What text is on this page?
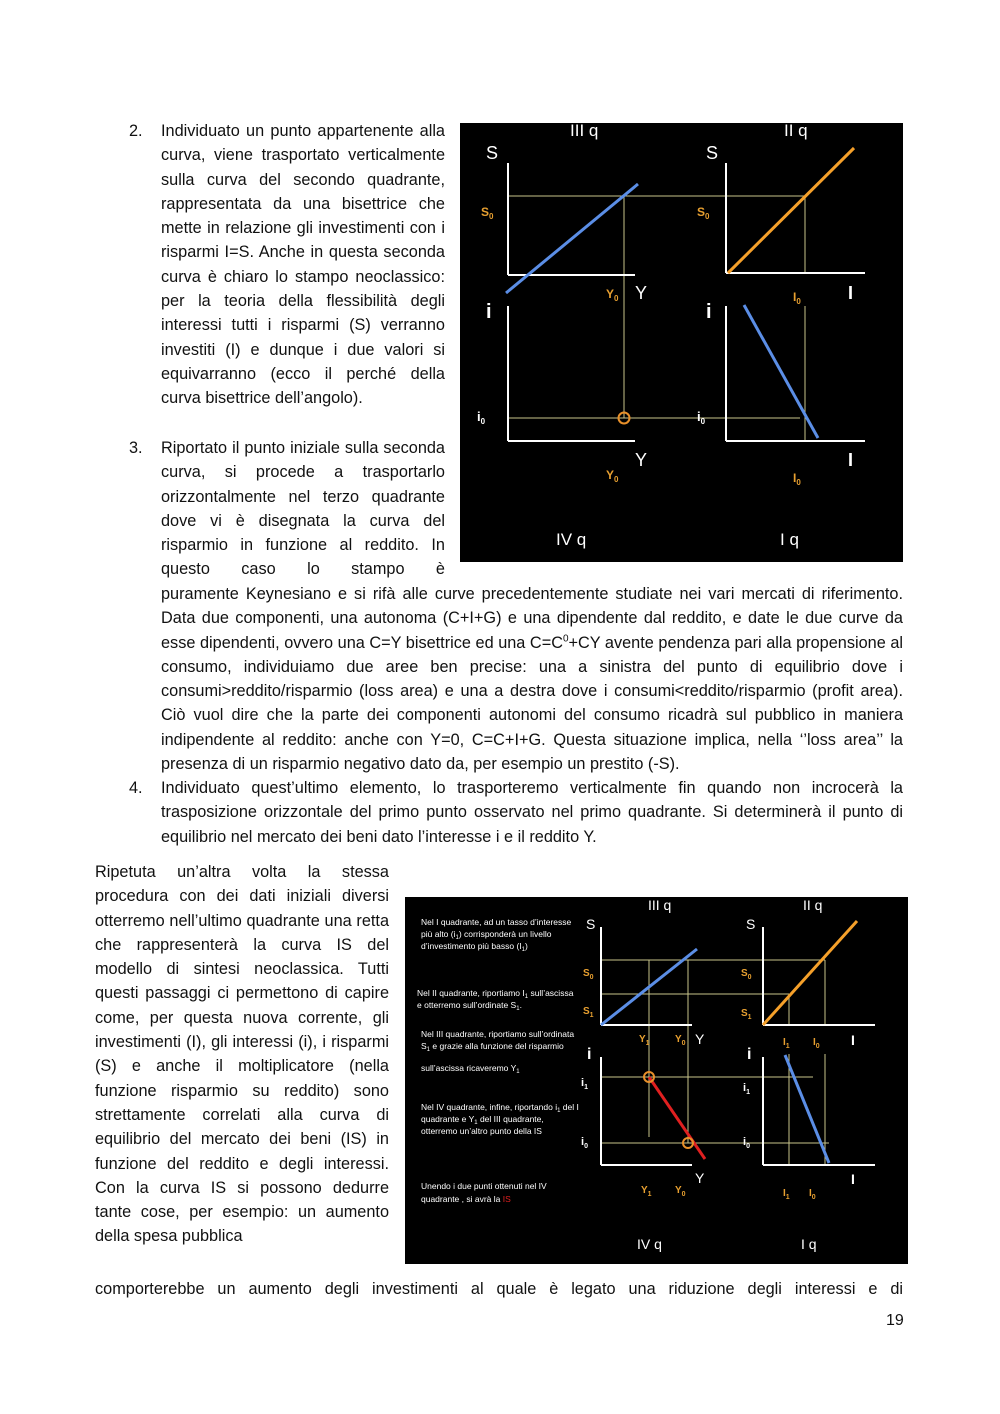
2. Individuato un punto appartenente alla curva, viene trasportato verticalmente sulla curva del secondo quadrante, rappresentata da una bisettrice che mette in relazione gli investimenti con i risparmi I=S. Anche in questa seconda curva è chiaro lo stampo neoclassico: per la teoria della flessibilità degli interessi tutti i risparmi (S) verranno investiti (I) e dunque i due valori si equivarranno (ecco il perché della curva bisettrice dell’angolo).
3. Riportato il punto iniziale sulla seconda curva, si procede a trasportarlo orizzontalmente nel terzo quadrante dove vi è disegnata la curva del risparmio in funzione al reddito. In questo caso lo stampo è
puramente Keynesiano e si rifà alle curve precedentemente studiate nei vari mercati di riferimento. Data due componenti, una autonoma (C+I+G) e una dipendente dal reddito, e date le due curve da esse dipendenti, ovvero una C=Y bisettrice ed una $C=C^0+CY$ avente pendenza pari alla propensione al consumo, individuiamo due aree ben precise: una a sinistra del punto di equilibrio dove i consumi>reddito/risparmio (loss area) e una a destra dove i consumi<reddito/risparmio (profit area). Ciò vuol dire che la parte dei componenti autonomi del consumo ricadrà sul pubblico in maniera indipendente al reddito: anche con Y=0, C=C+I+G. Questa situazione implica, nella ‘’loss area’’ la presenza di un risparmio negativo dato da, per esempio un prestito (-S).
4. Individuato quest’ultimo elemento, lo trasporteremo verticalmente fin quando non incrocerà la trasposizione orizzontale del primo punto osservato nel primo quadrante. Si determinerà il punto di equilibrio nel mercato dei beni dato l’interesse i e il reddito Y.
Ripetuta un’altra volta la stessa procedura con dei dati iniziali diversi otterremo nell’ultimo quadrante una retta che rappresenterà la curva IS del modello di sintesi neoclassica. Tutti questi passaggi ci permettono di capire come, per questa nuova corrente, gli investimenti (I), gli interessi (i), i risparmi (S) e anche il moltiplicatore (nella funzione risparmio su reddito) sono strettamente correlati alla curva di equilibrio del mercato dei beni (IS) in funzione del reddito e degli interessi. Con la curva IS si possono dedurre tante cose, per esempio: un aumento della spesa pubblica
comporterebbe un aumento degli investimenti al quale è legato una riduzione degli interessi e di
19
III q	II q
IV q	I q
S	S
Y
Y
I
I
i	i
$S_0$	$S_0$
$Y_0$
$Y_0$
$I_0$
$I_0$
$i_0$	$i_0$
III q	II q
IV q	I q
S	S
Y
Y
I
I
i	i
$S_0$
$S_1$
$S_0$
$S_1$
$Y_1$	$Y_0$
$Y_1$ $Y_0$
$I_1$ $I_0$
$I_1$ $I_0$
$i_1$
$i_0$
$i_1$
$i_0$
Nel I quadrante, ad un tasso d’interesse
più alto $(i_1)$ corrisponderà un livello
d’investimento più basso $(I_1)$
Nel II quadrante, riportiamo $I_1$ sull’ascissa
e otterremo sull’ordinate $S_1$.
Nel III quadrante, riportiamo sull’ordinata
$S_1$ e grazie alla funzione del risparmio
sull’ascissa ricaveremo $Y_1$
Nel IV quadrante, infine, riportando $i_1$ del I
quadrante e $Y_1$ del III quadrante,
otterremo un’altro punto della IS
Unendo i due punti ottenuti nel IV
quadrante , si avrà la IS
